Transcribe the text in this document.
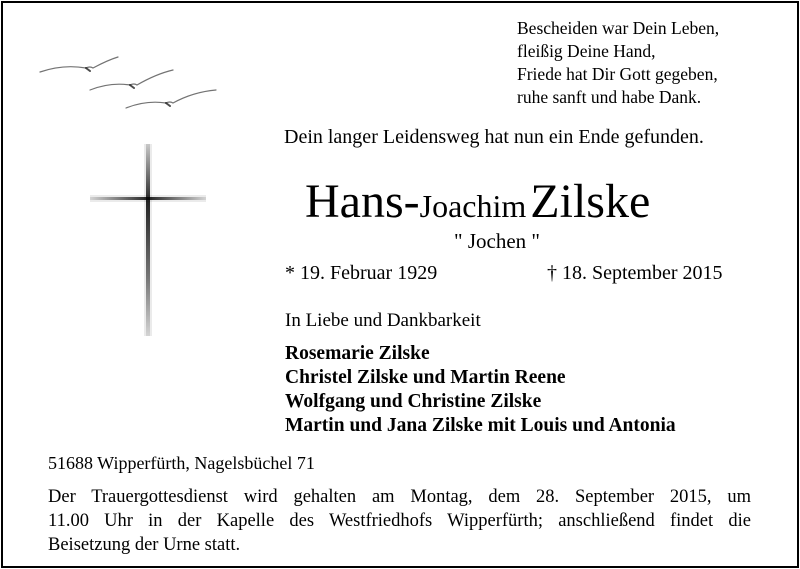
Bescheiden war Dein Leben,
fleißig Deine Hand,
Friede hat Dir Gott gegeben,
ruhe sanft und habe Dank.
Dein langer Leidensweg hat nun ein Ende gefunden.
Hans-Joachim Zilske
" Jochen "
* 19. Februar 1929	† 18. September 2015
In Liebe und Dankbarkeit
Rosemarie Zilske
Christel Zilske und Martin Reene
Wolfgang und Christine Zilske
Martin und Jana Zilske mit Louis und Antonia
51688 Wipperfürth, Nagelsbüchel 71
Der Trauergottesdienst wird gehalten am Montag, dem 28. September 2015, um
11.00 Uhr in der Kapelle des Westfriedhofs Wipperfürth; anschließend findet die
Beisetzung der Urne statt.
